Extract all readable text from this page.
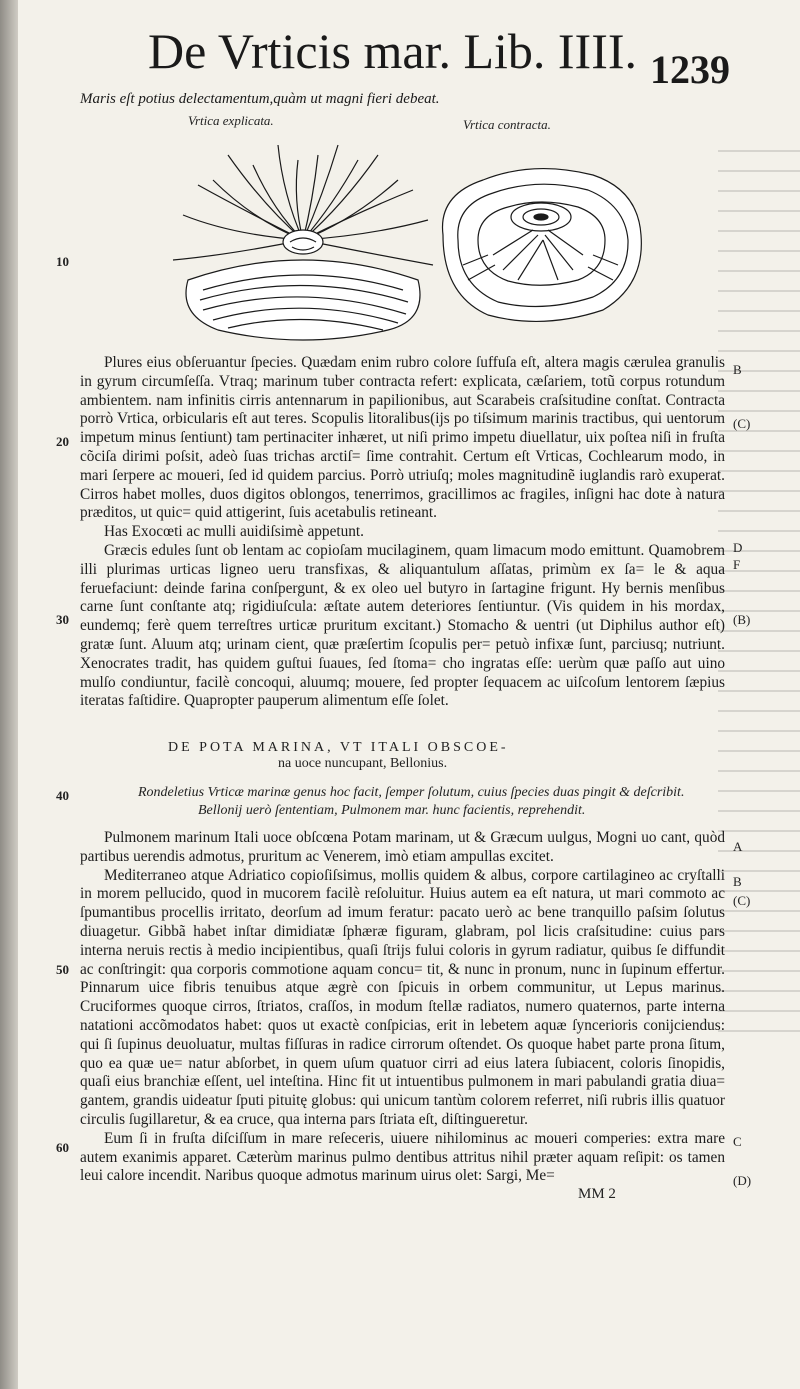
De Vrticis mar. Lib. IIII. 1239
Maris eſt potius delectamentum,quàm ut magni fieri debeat.
Vrtica explicata.	Vrtica contracta.
10
20
30
40
50
60
B
(C)
D
F
(B)
A
B
(C)
C
(D)

Plures eius obſeruantur ſpecies. Quædam enim rubro colore ſuffuſa eſt, altera magis cærulea granulis in gyrum circumſeſſa. Vtraq; marinum tuber contracta refert: explicata, cæſariem, totũ corpus rotundum ambientem. nam infinitis cirris antennarum in papilionibus, aut Scarabeis craſsitudine conſtat. Contracta porrò Vrtica, orbicularis eſt aut teres. Scopulis litoralibus(ijs po tiſsimum marinis tractibus, qui uentorum impetum minus ſentiunt) tam pertinaciter inhæret, ut niſi primo impetu diuellatur, uix poſtea niſi in fruſta cõciſa dirimi poſsit, adeò ſuas trichas arctiſ= ſime contrahit. Certum eſt Vrticas, Cochlearum modo, in mari ſerpere ac moueri, ſed id quidem parcius. Porrò utriuſq; moles magnitudinẽ iuglandis rarò exuperat. Cirros habet molles, duos digitos oblongos, tenerrimos, gracillimos ac fragiles, inſigni hac dote à natura præditos, ut quic= quid attigerint, ſuis acetabulis retineant.

Has Exocœti ac mulli auidiſsimè appetunt.

Græcis edules ſunt ob lentam ac copioſam mucilaginem, quam limacum modo emittunt. Quamobrem illi plurimas urticas ligneo ueru transfixas, & aliquantulum aſſatas, primùm ex ſa= le & aqua feruefaciunt: deinde farina conſpergunt, & ex oleo uel butyro in ſartagine frigunt. Hy bernis menſibus carne ſunt conſtante atq; rigidiuſcula: æſtate autem deteriores ſentiuntur. (Vis quidem in his mordax, eundemq; ferè quem terreſtres urticæ pruritum excitant.) Stomacho & uentri (ut Diphilus author eſt) gratæ ſunt. Aluum atq; urinam cient, quæ præſertim ſcopulis per= petuò infixæ ſunt, parciusq; nutriunt. Xenocrates tradit, has quidem guſtui ſuaues, ſed ſtoma= cho ingratas eſſe: uerùm quæ paſſo aut uino mulſo condiuntur, facilè concoqui, aluumq; mouere, ſed propter ſequacem ac uiſcoſum lentorem ſæpius iteratas faſtidire. Quapropter pauperum alimentum eſſe ſolet.

DE POTA MARINA, VT ITALI OBSCOE-
na uoce nuncupant, Bellonius.
Rondeletius Vrticæ marinæ genus hoc facit, ſemper ſolutum, cuius ſpecies duas pingit & deſcribit.
Bellonij uerò ſententiam, Pulmonem mar. hunc facientis, reprehendit.

Pulmonem marinum Itali uoce obſcœna Potam marinam, ut & Græcum uulgus, Mogni uo cant, quòd partibus uerendis admotus, pruritum ac Venerem, imò etiam ampullas excitet.

Mediterraneo atque Adriatico copioſiſsimus, mollis quidem & albus, corpore cartilagineo ac cryſtalli in morem pellucido, quod in mucorem facilè reſoluitur. Huius autem ea eſt natura, ut mari commoto ac ſpumantibus procellis irritato, deorſum ad imum feratur: pacato uerò ac bene tranquillo paſsim ſolutus diuagetur. Gibbã habet inſtar dimidiatæ ſphæræ figuram, glabram, pol licis craſsitudine: cuius pars interna neruis rectis à medio incipientibus, quaſi ſtrijs fului coloris in gyrum radiatur, quibus ſe diffundit ac conſtringit: qua corporis commotione aquam concu= tit, & nunc in pronum, nunc in ſupinum effertur. Pinnarum uice fibris tenuibus atque ægrè con ſpicuis in orbem communitur, ut Lepus marinus. Cruciformes quoque cirros, ſtriatos, craſſos, in modum ſtellæ radiatos, numero quaternos, parte interna natationi accõmodatos habet: quos ut exactè conſpicias, erit in lebetem aquæ ſyncerioris conijciendus: qui ſi ſupinus deuoluatur, multas fiſſuras in radice cirrorum oſtendet. Os quoque habet parte prona ſitum, quo ea quæ ue= natur abſorbet, in quem uſum quatuor cirri ad eius latera ſubiacent, coloris ſinopidis, quaſi eius branchiæ eſſent, uel inteſtina. Hinc fit ut intuentibus pulmonem in mari pabulandi gratia diua= gantem, grandis uideatur ſputi pituitę globus: qui unicum tantùm colorem referret, niſi rubris illis quatuor circulis ſugillaretur, & ea cruce, qua interna pars ſtriata eſt, diſtingueretur.

Eum ſi in fruſta diſciſſum in mare reſeceris, uiuere nihilominus ac moueri comperies: extra mare autem exanimis apparet. Cæterùm marinus pulmo dentibus attritus nihil præter aquam reſipit: os tamen leui calore incendit. Naribus quoque admotus marinum uirus olet: Sargi, Me=

MM 2
